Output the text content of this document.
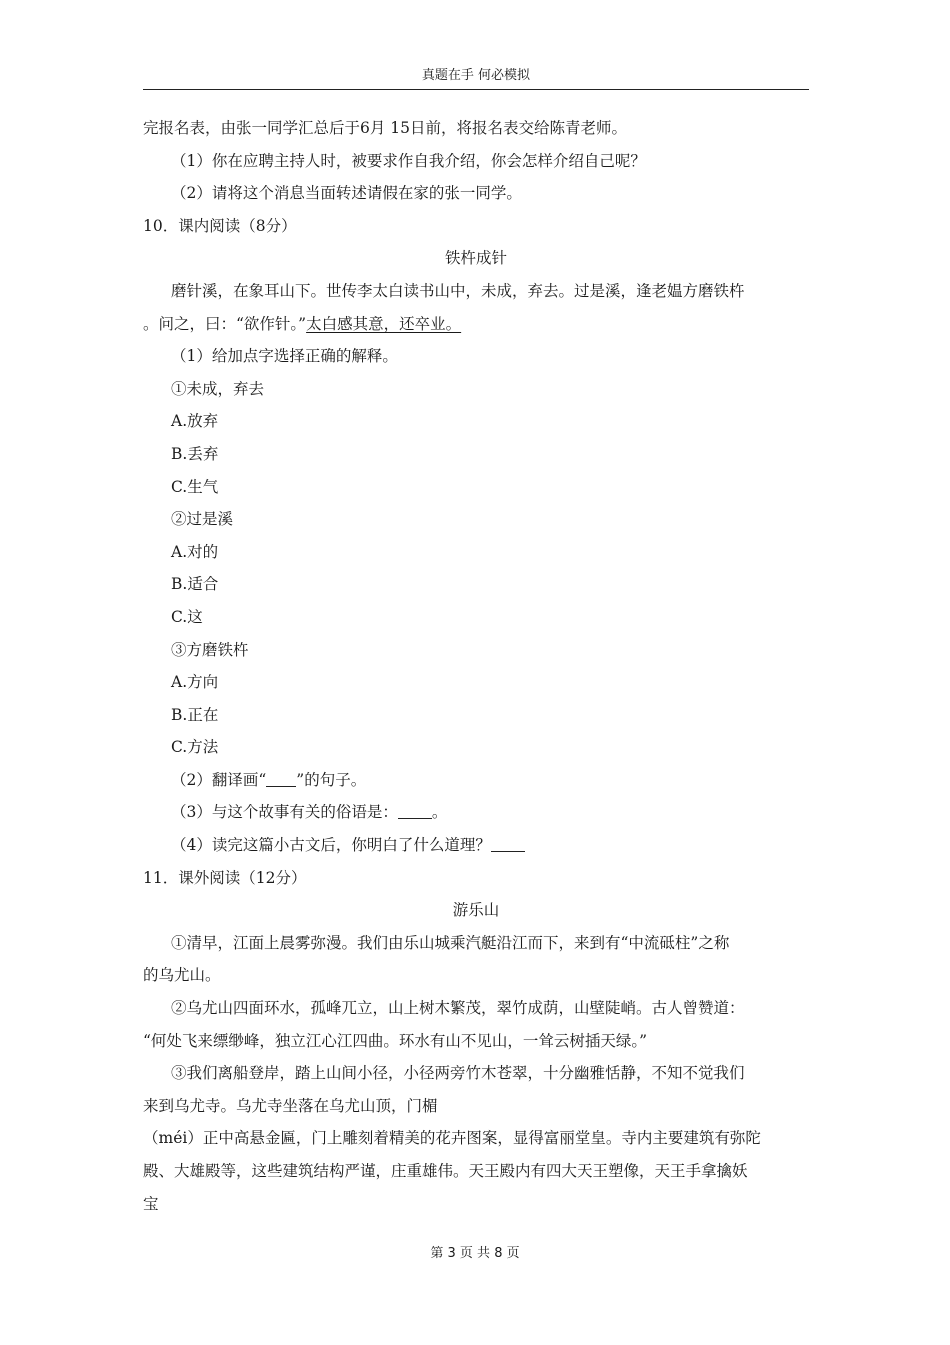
真题在手 何必模拟
完报名表，由张一同学汇总后于6月 15日前，将报名表交给陈青老师。
（1）你在应聘主持人时，被要求作自我介绍，你会怎样介绍自己呢？
（2）请将这个消息当面转述请假在家的张一同学。
10．课内阅读（8分）
铁杵成针
磨针溪，在象耳山下。世传李太白读书山中，未成，弃去。过是溪，逢老媪方磨铁杵
。问之，曰：“欲作针。”太白感其意，还卒业。
（1）给加点字选择正确的解释。
①未成，弃去
A.放弃
B.丢弃
C.生气
②过是溪
A.对的
B.适合
C.这
③方磨铁杵
A.方向
B.正在
C.方法
（2）翻译画“ ”的句子。
（3）与这个故事有关的俗语是： 。
（4）读完这篇小古文后，你明白了什么道理？
11．课外阅读（12分）
游乐山
①清早，江面上晨雾弥漫。我们由乐山城乘汽艇沿江而下，来到有“中流砥柱”之称
的乌尤山。
②乌尤山四面环水，孤峰兀立，山上树木繁茂，翠竹成荫，山壁陡峭。古人曾赞道：
“何处飞来缥缈峰，独立江心江四曲。环水有山不见山，一耸云树插天绿。”
③我们离船登岸，踏上山间小径，小径两旁竹木苍翠，十分幽雅恬静，不知不觉我们
来到乌尤寺。乌尤寺坐落在乌尤山顶，门楣
（méi）正中高悬金匾，门上雕刻着精美的花卉图案，显得富丽堂皇。寺内主要建筑有弥陀
殿、大雄殿等，这些建筑结构严谨，庄重雄伟。天王殿内有四大天王塑像，天王手拿擒妖
宝
第 3 页 共 8 页
